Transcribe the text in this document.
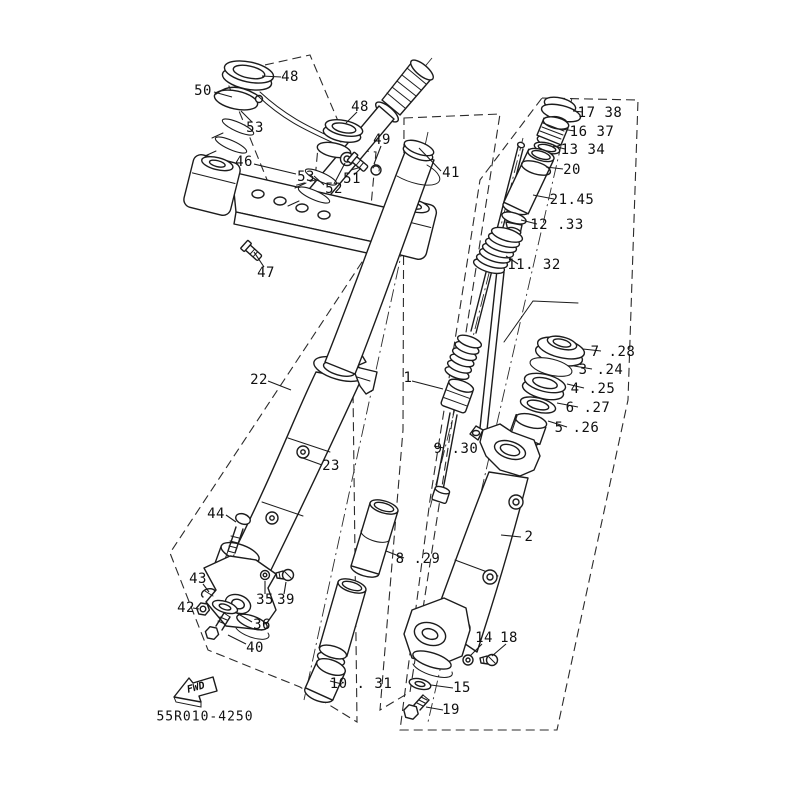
50
48
53
48
49
46
53
52
51
47
41
17 38
16 37
13 34
20
21.45
12 .33
11. 32
22	1
7 .28
3 .24
4 .25
6 .27
5 .26
9 .30
23
44
2
8 .29
43
35 39
42
36
40
10 . 31
14 18
15
19
FWD
55R010-4250
